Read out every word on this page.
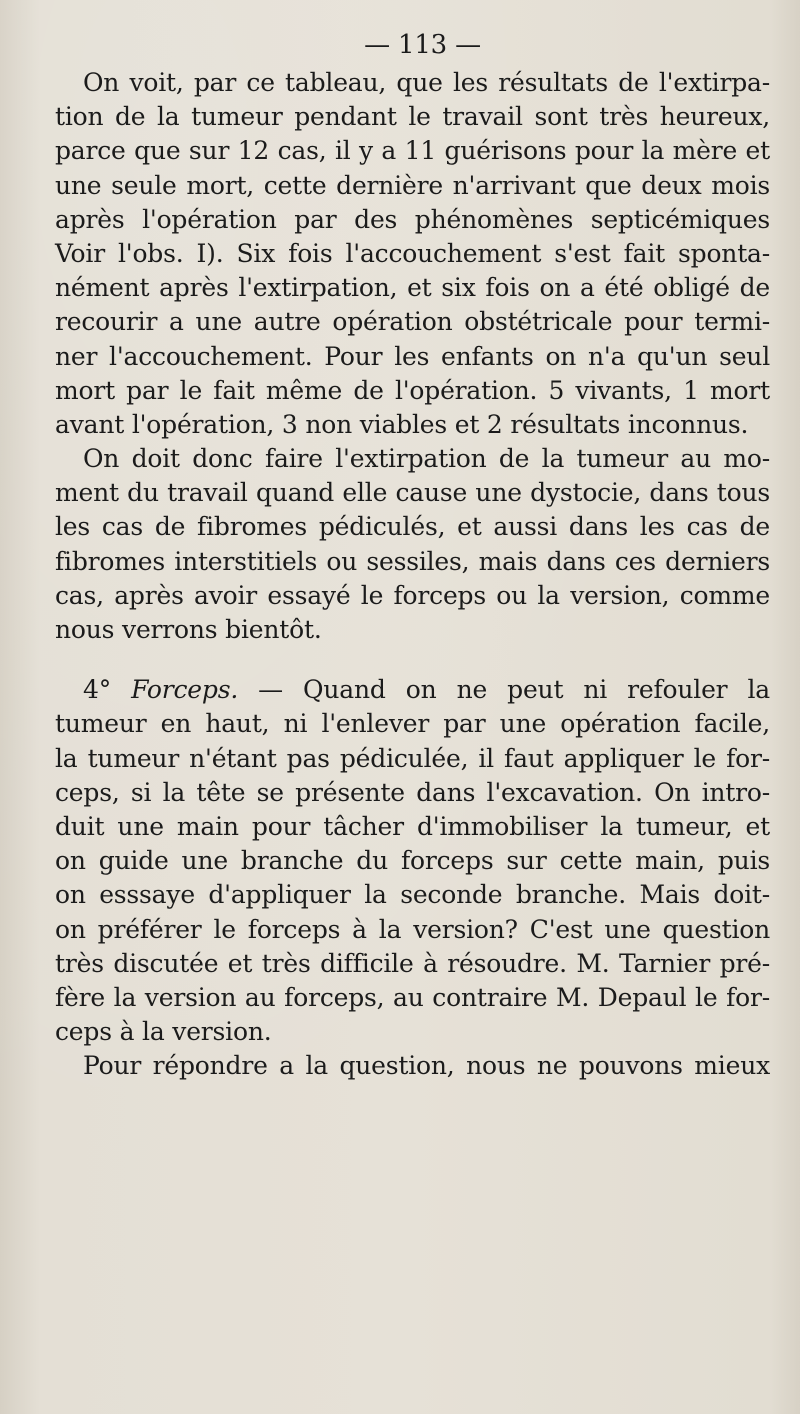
— 113 —
On voit, par ce tableau, que les résultats de l'extirpa-
tion de la tumeur pendant le travail sont très heureux,
parce que sur 12 cas, il y a 11 guérisons pour la mère et
une seule mort, cette dernière n'arrivant que deux mois
après l'opération par des phénomènes septicémiques
Voir l'obs. I). Six fois l'accouchement s'est fait sponta-
nément après l'extirpation, et six fois on a été obligé de
recourir a une autre opération obstétricale pour termi-
ner l'accouchement. Pour les enfants on n'a qu'un seul
mort par le fait même de l'opération. 5 vivants, 1 mort
avant l'opération, 3 non viables et 2 résultats inconnus.
On doit donc faire l'extirpation de la tumeur au mo-
ment du travail quand elle cause une dystocie, dans tous
les cas de fibromes pédiculés, et aussi dans les cas de
fibromes interstitiels ou sessiles, mais dans ces derniers
cas, après avoir essayé le forceps ou la version, comme
nous verrons bientôt.
4° Forceps. — Quand on ne peut ni refouler la
tumeur en haut, ni l'enlever par une opération facile,
la tumeur n'étant pas pédiculée, il faut appliquer le for-
ceps, si la tête se présente dans l'excavation. On intro-
duit une main pour tâcher d'immobiliser la tumeur, et
on guide une branche du forceps sur cette main, puis
on esssaye d'appliquer la seconde branche. Mais doit-
on préférer le forceps à la version? C'est une question
très discutée et très difficile à résoudre. M. Tarnier pré-
fère la version au forceps, au contraire M. Depaul le for-
ceps à la version.
Pour répondre a la question, nous ne pouvons mieux
